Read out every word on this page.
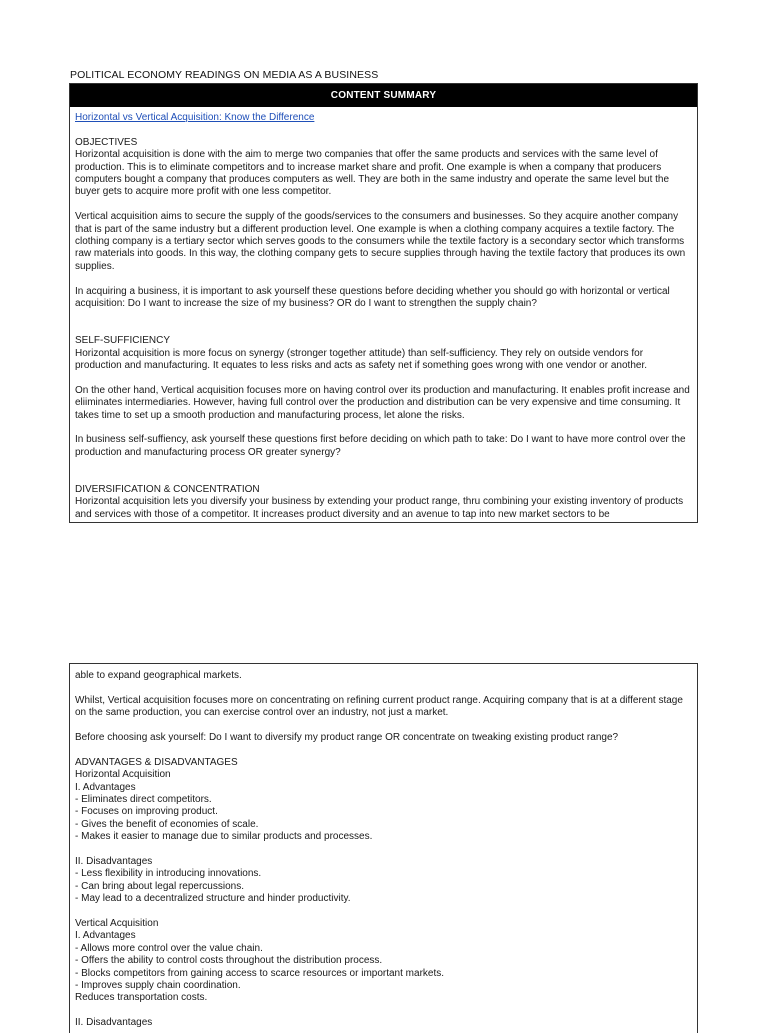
POLITICAL ECONOMY READINGS ON MEDIA AS A BUSINESS
CONTENT SUMMARY
Horizontal vs Vertical Acquisition: Know the Difference

OBJECTIVES

Horizontal acquisition is done with the aim to merge two companies that offer the same products and services with the same level of production. This is to eliminate competitors and to increase market share and profit. One example is when a company that producers computers bought a company that produces computers as well. They are both in the same industry and operate the same level but the buyer gets to acquire more profit with one less competitor.

Vertical acquisition aims to secure the supply of the goods/services to the consumers and businesses. So they acquire another company that is part of the same industry but a different production level. One example is when a clothing company acquires a textile factory. The clothing company is a tertiary sector which serves goods to the consumers while the textile factory is a secondary sector which transforms raw materials into goods. In this way, the clothing company gets to secure supplies through having the textile factory that produces its own supplies.

In acquiring a business, it is important to ask yourself these questions before deciding whether you should go with horizontal or vertical acquisition: Do I want to increase the size of my business? OR do I want to strengthen the supply chain?

SELF-SUFFICIENCY

Horizontal acquisition is more focus on synergy (stronger together attitude) than self-sufficiency. They rely on outside vendors for production and manufacturing. It equates to less risks and acts as safety net if something goes wrong with one vendor or another.

On the other hand, Vertical acquisition focuses more on having control over its production and manufacturing. It enables profit increase and eliiminates intermediaries. However, having full control over the production and distribution can be very expensive and time consuming. It takes time to set up a smooth production and manufacturing process, let alone the risks.

In business self-suffiency, ask yourself these questions first before deciding on which path to take: Do I want to have more control over the production and manufacturing process OR greater synergy?

DIVERSIFICATION & CONCENTRATION

Horizontal acquisition lets you diversify your business by extending your product range, thru combining your existing inventory of products and services with those of a competitor. It increases product diversity and an avenue to tap into new market sectors to be

able to expand geographical markets.

Whilst, Vertical acquisition focuses more on concentrating on refining current product range. Acquiring company that is at a different stage on the same production, you can exercise control over an industry, not just a market.

Before choosing ask yourself: Do I want to diversify my product range OR concentrate on tweaking existing product range?

ADVANTAGES & DISADVANTAGES
Horizontal Acquisition
I. Advantages
- Eliminates direct competitors.
- Focuses on improving product.
- Gives the benefit of economies of scale.
- Makes it easier to manage due to similar products and processes.
II. Disadvantages
- Less flexibility in introducing innovations.
- Can bring about legal repercussions.
- May lead to a decentralized structure and hinder productivity.
Vertical Acquisition
I. Advantages
- Allows more control over the value chain.
- Offers the ability to control costs throughout the distribution process.
- Blocks competitors from gaining access to scarce resources or important markets.
- Improves supply chain coordination.
Reduces transportation costs.
II. Disadvantages
